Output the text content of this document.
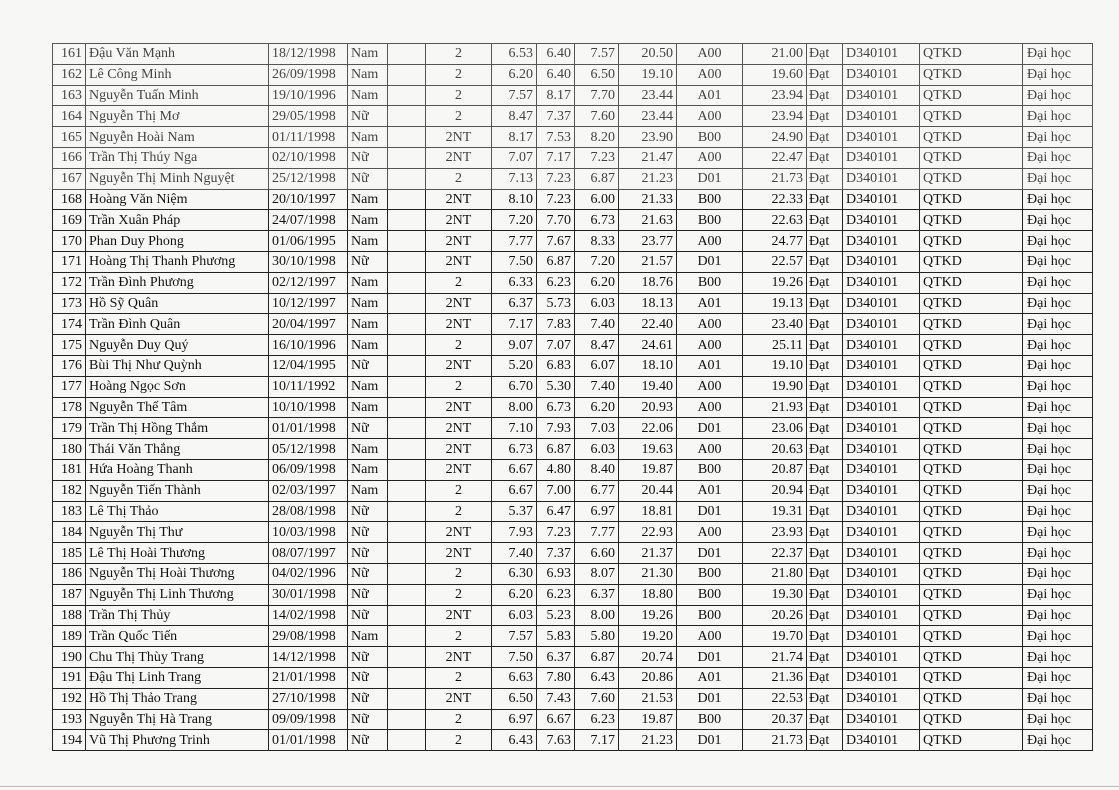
161	Đậu Văn Mạnh	18/12/1998	Nam		2	6.53	6.40	7.57	20.50	A00	21.00	Đạt	D340101	QTKD	Đại học
162	Lê Công Minh	26/09/1998	Nam		2	6.20	6.40	6.50	19.10	A00	19.60	Đạt	D340101	QTKD	Đại học
163	Nguyễn Tuấn Minh	19/10/1996	Nam		2	7.57	8.17	7.70	23.44	A01	23.94	Đạt	D340101	QTKD	Đại học
164	Nguyễn Thị Mơ	29/05/1998	Nữ		2	8.47	7.37	7.60	23.44	A00	23.94	Đạt	D340101	QTKD	Đại học
165	Nguyễn Hoài Nam	01/11/1998	Nam		2NT	8.17	7.53	8.20	23.90	B00	24.90	Đạt	D340101	QTKD	Đại học
166	Trần Thị Thúy Nga	02/10/1998	Nữ		2NT	7.07	7.17	7.23	21.47	A00	22.47	Đạt	D340101	QTKD	Đại học
167	Nguyễn Thị Minh Nguyệt	25/12/1998	Nữ		2	7.13	7.23	6.87	21.23	D01	21.73	Đạt	D340101	QTKD	Đại học
168	Hoàng Văn Niệm	20/10/1997	Nam		2NT	8.10	7.23	6.00	21.33	B00	22.33	Đạt	D340101	QTKD	Đại học
169	Trần Xuân Pháp	24/07/1998	Nam		2NT	7.20	7.70	6.73	21.63	B00	22.63	Đạt	D340101	QTKD	Đại học
170	Phan Duy Phong	01/06/1995	Nam		2NT	7.77	7.67	8.33	23.77	A00	24.77	Đạt	D340101	QTKD	Đại học
171	Hoàng Thị Thanh Phương	30/10/1998	Nữ		2NT	7.50	6.87	7.20	21.57	D01	22.57	Đạt	D340101	QTKD	Đại học
172	Trần Đình Phương	02/12/1997	Nam		2	6.33	6.23	6.20	18.76	B00	19.26	Đạt	D340101	QTKD	Đại học
173	Hồ Sỹ Quân	10/12/1997	Nam		2NT	6.37	5.73	6.03	18.13	A01	19.13	Đạt	D340101	QTKD	Đại học
174	Trần Đình Quân	20/04/1997	Nam		2NT	7.17	7.83	7.40	22.40	A00	23.40	Đạt	D340101	QTKD	Đại học
175	Nguyễn Duy Quý	16/10/1996	Nam		2	9.07	7.07	8.47	24.61	A00	25.11	Đạt	D340101	QTKD	Đại học
176	Bùi Thị Như Quỳnh	12/04/1995	Nữ		2NT	5.20	6.83	6.07	18.10	A01	19.10	Đạt	D340101	QTKD	Đại học
177	Hoàng Ngọc Sơn	10/11/1992	Nam		2	6.70	5.30	7.40	19.40	A00	19.90	Đạt	D340101	QTKD	Đại học
178	Nguyễn Thế Tâm	10/10/1998	Nam		2NT	8.00	6.73	6.20	20.93	A00	21.93	Đạt	D340101	QTKD	Đại học
179	Trần Thị Hồng Thắm	01/01/1998	Nữ		2NT	7.10	7.93	7.03	22.06	D01	23.06	Đạt	D340101	QTKD	Đại học
180	Thái Văn Thắng	05/12/1998	Nam		2NT	6.73	6.87	6.03	19.63	A00	20.63	Đạt	D340101	QTKD	Đại học
181	Hứa Hoàng Thanh	06/09/1998	Nam		2NT	6.67	4.80	8.40	19.87	B00	20.87	Đạt	D340101	QTKD	Đại học
182	Nguyễn Tiến Thành	02/03/1997	Nam		2	6.67	7.00	6.77	20.44	A01	20.94	Đạt	D340101	QTKD	Đại học
183	Lê Thị Thảo	28/08/1998	Nữ		2	5.37	6.47	6.97	18.81	D01	19.31	Đạt	D340101	QTKD	Đại học
184	Nguyễn Thị Thư	10/03/1998	Nữ		2NT	7.93	7.23	7.77	22.93	A00	23.93	Đạt	D340101	QTKD	Đại học
185	Lê Thị Hoài Thương	08/07/1997	Nữ		2NT	7.40	7.37	6.60	21.37	D01	22.37	Đạt	D340101	QTKD	Đại học
186	Nguyễn Thị Hoài Thương	04/02/1996	Nữ		2	6.30	6.93	8.07	21.30	B00	21.80	Đạt	D340101	QTKD	Đại học
187	Nguyễn Thị Linh Thương	30/01/1998	Nữ		2	6.20	6.23	6.37	18.80	B00	19.30	Đạt	D340101	QTKD	Đại học
188	Trần Thị Thủy	14/02/1998	Nữ		2NT	6.03	5.23	8.00	19.26	B00	20.26	Đạt	D340101	QTKD	Đại học
189	Trần Quốc Tiến	29/08/1998	Nam		2	7.57	5.83	5.80	19.20	A00	19.70	Đạt	D340101	QTKD	Đại học
190	Chu Thị Thùy Trang	14/12/1998	Nữ		2NT	7.50	6.37	6.87	20.74	D01	21.74	Đạt	D340101	QTKD	Đại học
191	Đậu Thị Linh Trang	21/01/1998	Nữ		2	6.63	7.80	6.43	20.86	A01	21.36	Đạt	D340101	QTKD	Đại học
192	Hồ Thị Thảo Trang	27/10/1998	Nữ		2NT	6.50	7.43	7.60	21.53	D01	22.53	Đạt	D340101	QTKD	Đại học
193	Nguyễn Thị Hà Trang	09/09/1998	Nữ		2	6.97	6.67	6.23	19.87	B00	20.37	Đạt	D340101	QTKD	Đại học
194	Vũ Thị Phương Trinh	01/01/1998	Nữ		2	6.43	7.63	7.17	21.23	D01	21.73	Đạt	D340101	QTKD	Đại học
